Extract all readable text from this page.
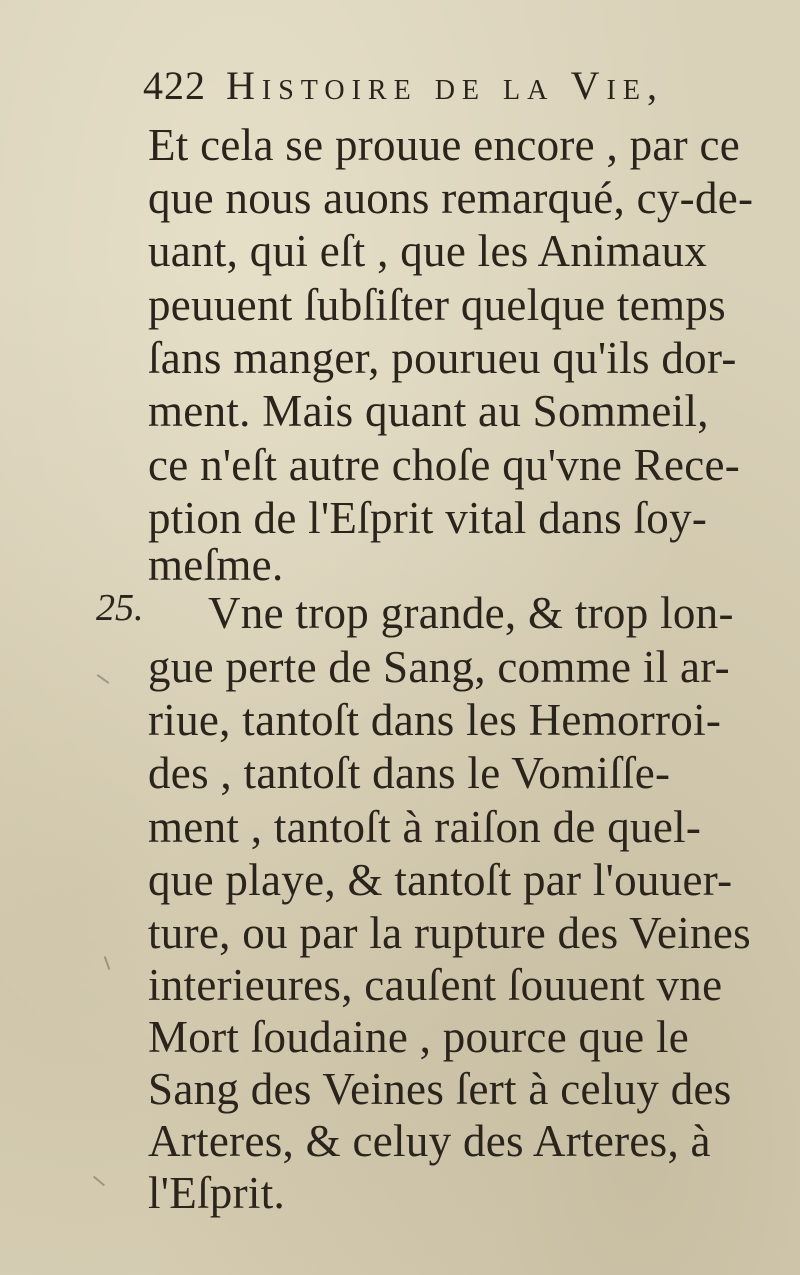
422 Histoire de la Vie,
25.
Et cela se prouue encore , par ce
que nous auons remarqué, cy-de-
uant, qui eſt , que les Animaux
peuuent ſubſiſter quelque temps
ſans manger, pourueu qu'ils dor-
ment. Mais quant au Sommeil,
ce n'eſt autre choſe qu'vne Rece-
ption de l'Eſprit vital dans ſoy-
meſme.
Vne trop grande, & trop lon-
gue perte de Sang, comme il ar-
riue, tantoſt dans les Hemorroi-
des , tantoſt dans le Vomiſſe-
ment , tantoſt à raiſon de quel-
que playe, & tantoſt par l'ouuer-
ture, ou par la rupture des Veines
interieures, cauſent ſouuent vne
Mort ſoudaine , pource que le
Sang des Veines ſert à celuy des
Arteres, & celuy des Arteres, à
l'Eſprit.
